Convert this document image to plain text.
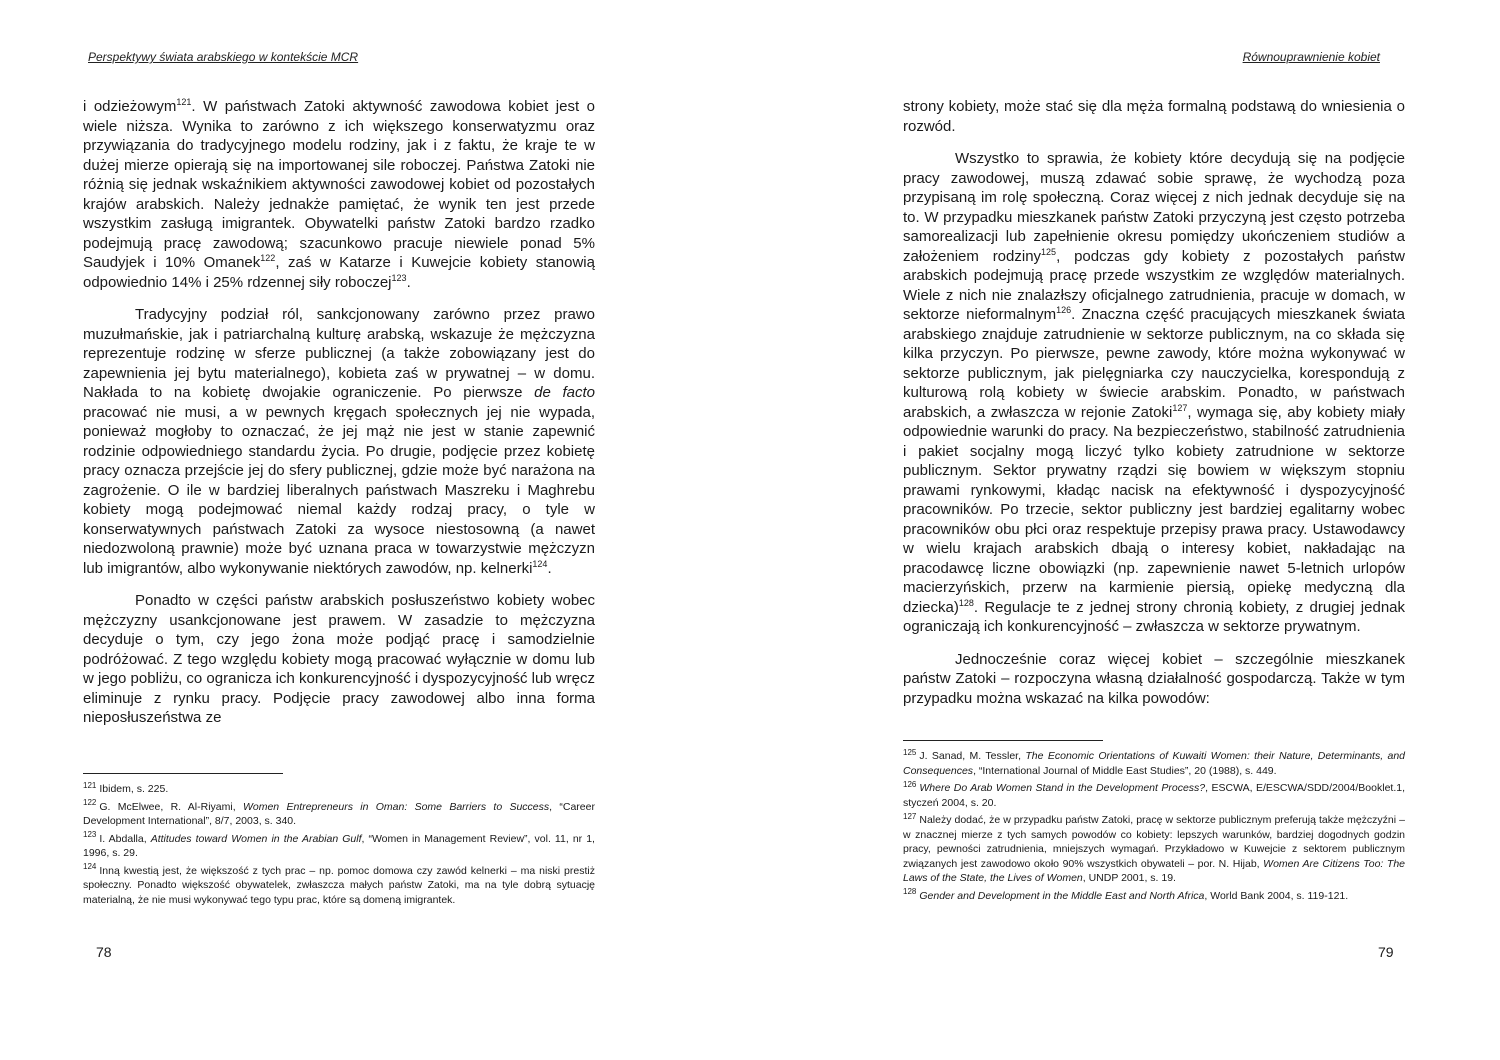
Perspektywy świata arabskiego w kontekście MCR

i odzieżowym$^{121}$. W państwach Zatoki aktywność zawodowa kobiet jest o wiele niższa. Wynika to zarówno z ich większego konserwatyzmu oraz przywiązania do tradycyjnego modelu rodziny, jak i z faktu, że kraje te w dużej mierze opierają się na importowanej sile roboczej. Państwa Zatoki nie różnią się jednak wskaźnikiem aktywności zawodowej kobiet od pozostałych krajów arabskich. Należy jednakże pamiętać, że wynik ten jest przede wszystkim zasługą imigrantek. Obywatelki państw Zatoki bardzo rzadko podejmują pracę zawodową; szacunkowo pracuje niewiele ponad 5% Saudyjek i 10% Omanek$^{122}$, zaś w Katarze i Kuwejcie kobiety stanowią odpowiednio 14% i 25% rdzennej siły roboczej$^{123}$.

Tradycyjny podział ról, sankcjonowany zarówno przez prawo muzułmańskie, jak i patriarchalną kulturę arabską, wskazuje że mężczyzna reprezentuje rodzinę w sferze publicznej (a także zobowiązany jest do zapewnienia jej bytu materialnego), kobieta zaś w prywatnej – w domu. Nakłada to na kobietę dwojakie ograniczenie. Po pierwsze de facto pracować nie musi, a w pewnych kręgach społecznych jej nie wypada, ponieważ mogłoby to oznaczać, że jej mąż nie jest w stanie zapewnić rodzinie odpowiedniego standardu życia. Po drugie, podjęcie przez kobietę pracy oznacza przejście jej do sfery publicznej, gdzie może być narażona na zagrożenie. O ile w bardziej liberalnych państwach Maszreku i Maghrebu kobiety mogą podejmować niemal każdy rodzaj pracy, o tyle w konserwatywnych państwach Zatoki za wysoce niestosowną (a nawet niedozwoloną prawnie) może być uznana praca w towarzystwie mężczyzn lub imigrantów, albo wykonywanie niektórych zawodów, np. kelnerki$^{124}$.

Ponadto w części państw arabskich posłuszeństwo kobiety wobec mężczyzny usankcjonowane jest prawem. W zasadzie to mężczyzna decyduje o tym, czy jego żona może podjąć pracę i samodzielnie podróżować. Z tego względu kobiety mogą pracować wyłącznie w domu lub w jego pobliżu, co ogranicza ich konkurencyjność i dyspozycyjność lub wręcz eliminuje z rynku pracy. Podjęcie pracy zawodowej albo inna forma nieposłuszeństwa ze

$^{121}$ Ibidem, s. 225.
$^{122}$ G. McElwee, R. Al-Riyami, Women Entrepreneurs in Oman: Some Barriers to Success, “Career Development International”, 8/7, 2003, s. 340.
$^{123}$ I. Abdalla, Attitudes toward Women in the Arabian Gulf, “Women in Management Review”, vol. 11, nr 1, 1996, s. 29.
$^{124}$ Inną kwestią jest, że większość z tych prac – np. pomoc domowa czy zawód kelnerki – ma niski prestiż społeczny. Ponadto większość obywatelek, zwłaszcza małych państw Zatoki, ma na tyle dobrą sytuację materialną, że nie musi wykonywać tego typu prac, które są domeną imigrantek.
78
Równouprawnienie kobiet

strony kobiety, może stać się dla męża formalną podstawą do wniesienia o rozwód.

Wszystko to sprawia, że kobiety które decydują się na podjęcie pracy zawodowej, muszą zdawać sobie sprawę, że wychodzą poza przypisaną im rolę społeczną. Coraz więcej z nich jednak decyduje się na to. W przypadku mieszkanek państw Zatoki przyczyną jest często potrzeba samorealizacji lub zapełnienie okresu pomiędzy ukończeniem studiów a założeniem rodziny$^{125}$, podczas gdy kobiety z pozostałych państw arabskich podejmują pracę przede wszystkim ze względów materialnych. Wiele z nich nie znalazłszy oficjalnego zatrudnienia, pracuje w domach, w sektorze nieformalnym$^{126}$. Znaczna część pracujących mieszkanek świata arabskiego znajduje zatrudnienie w sektorze publicznym, na co składa się kilka przyczyn. Po pierwsze, pewne zawody, które można wykonywać w sektorze publicznym, jak pielęgniarka czy nauczycielka, korespondują z kulturową rolą kobiety w świecie arabskim. Ponadto, w państwach arabskich, a zwłaszcza w rejonie Zatoki$^{127}$, wymaga się, aby kobiety miały odpowiednie warunki do pracy. Na bezpieczeństwo, stabilność zatrudnienia i pakiet socjalny mogą liczyć tylko kobiety zatrudnione w sektorze publicznym. Sektor prywatny rządzi się bowiem w większym stopniu prawami rynkowymi, kładąc nacisk na efektywność i dyspozycyjność pracowników. Po trzecie, sektor publiczny jest bardziej egalitarny wobec pracowników obu płci oraz respektuje przepisy prawa pracy. Ustawodawcy w wielu krajach arabskich dbają o interesy kobiet, nakładając na pracodawcę liczne obowiązki (np. zapewnienie nawet 5-letnich urlopów macierzyńskich, przerw na karmienie piersią, opiekę medyczną dla dziecka)$^{128}$. Regulacje te z jednej strony chronią kobiety, z drugiej jednak ograniczają ich konkurencyjność – zwłaszcza w sektorze prywatnym.

Jednocześnie coraz więcej kobiet – szczególnie mieszkanek państw Zatoki – rozpoczyna własną działalność gospodarczą. Także w tym przypadku można wskazać na kilka powodów:

$^{125}$ J. Sanad, M. Tessler, The Economic Orientations of Kuwaiti Women: their Nature, Determinants, and Consequences, “International Journal of Middle East Studies”, 20 (1988), s. 449.
$^{126}$ Where Do Arab Women Stand in the Development Process?, ESCWA, E/ESCWA/SDD/2004/Booklet.1, styczeń 2004, s. 20.
$^{127}$ Należy dodać, że w przypadku państw Zatoki, pracę w sektorze publicznym preferują także mężczyźni – w znacznej mierze z tych samych powodów co kobiety: lepszych warunków, bardziej dogodnych godzin pracy, pewności zatrudnienia, mniejszych wymagań. Przykładowo w Kuwejcie z sektorem publicznym związanych jest zawodowo około 90% wszystkich obywateli – por. N. Hijab, Women Are Citizens Too: The Laws of the State, the Lives of Women, UNDP 2001, s. 19.
$^{128}$ Gender and Development in the Middle East and North Africa, World Bank 2004, s. 119-121.
79
